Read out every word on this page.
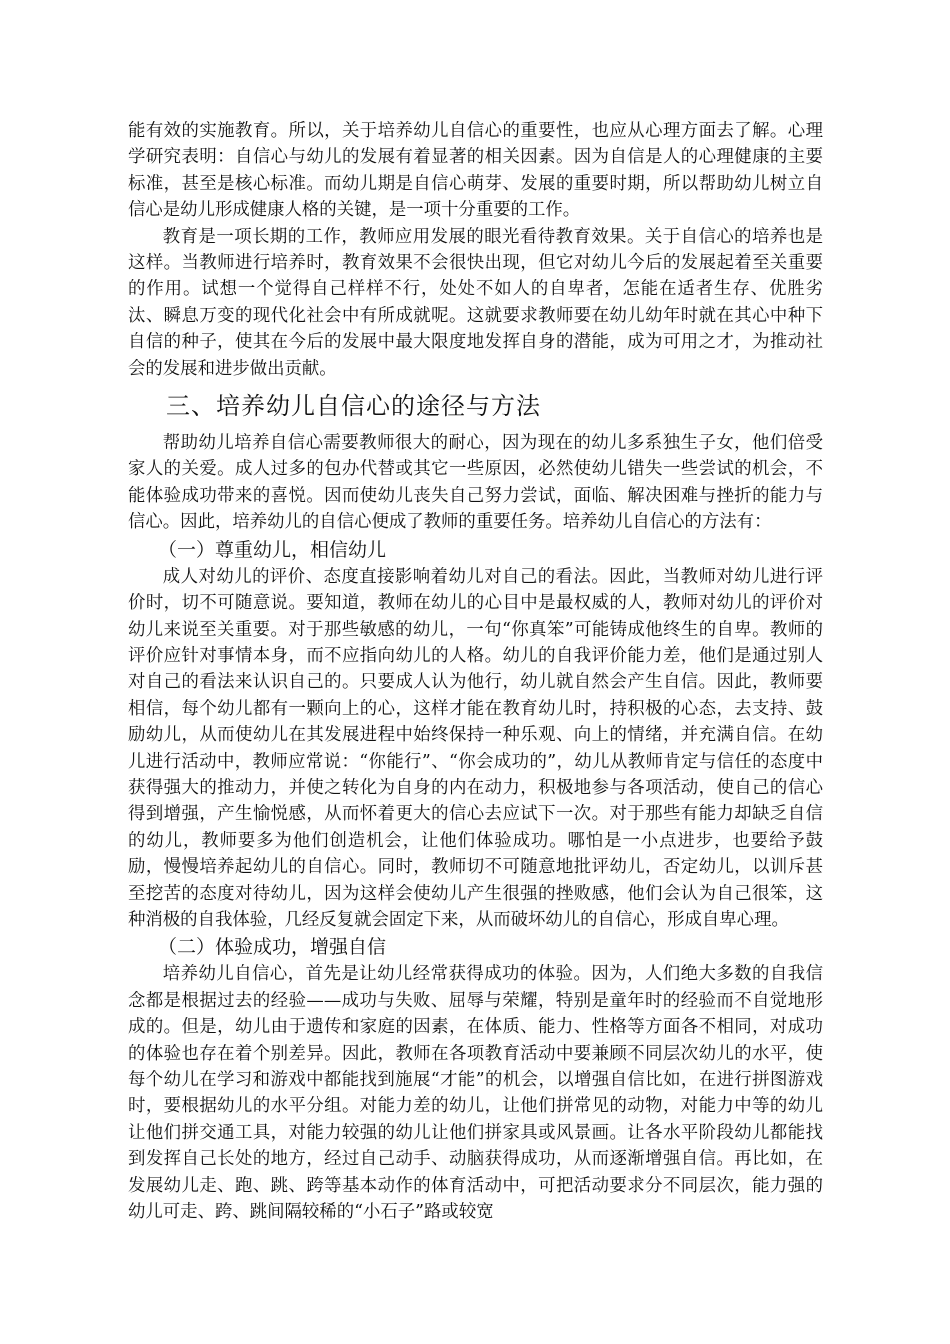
能有效的实施教育。所以，关于培养幼儿自信心的重要性，也应从心理方面去了解。心理学研究表明：自信心与幼儿的发展有着显著的相关因素。因为自信是人的心理健康的主要标准，甚至是核心标准。而幼儿期是自信心萌芽、发展的重要时期，所以帮助幼儿树立自信心是幼儿形成健康人格的关键，是一项十分重要的工作。

教育是一项长期的工作，教师应用发展的眼光看待教育效果。关于自信心的培养也是这样。当教师进行培养时，教育效果不会很快出现，但它对幼儿今后的发展起着至关重要的作用。试想一个觉得自己样样不行，处处不如人的自卑者，怎能在适者生存、优胜劣汰、瞬息万变的现代化社会中有所成就呢。这就要求教师要在幼儿幼年时就在其心中种下自信的种子，使其在今后的发展中最大限度地发挥自身的潜能，成为可用之才，为推动社会的发展和进步做出贡献。

三、培养幼儿自信心的途径与方法

帮助幼儿培养自信心需要教师很大的耐心，因为现在的幼儿多系独生子女，他们倍受家人的关爱。成人过多的包办代替或其它一些原因，必然使幼儿错失一些尝试的机会，不能体验成功带来的喜悦。因而使幼儿丧失自己努力尝试，面临、解决困难与挫折的能力与信心。因此，培养幼儿的自信心便成了教师的重要任务。培养幼儿自信心的方法有：

（一）尊重幼儿，相信幼儿

成人对幼儿的评价、态度直接影响着幼儿对自己的看法。因此，当教师对幼儿进行评价时，切不可随意说。要知道，教师在幼儿的心目中是最权威的人，教师对幼儿的评价对幼儿来说至关重要。对于那些敏感的幼儿，一句“你真笨”可能铸成他终生的自卑。教师的评价应针对事情本身，而不应指向幼儿的人格。幼儿的自我评价能力差，他们是通过别人对自己的看法来认识自己的。只要成人认为他行，幼儿就自然会产生自信。因此，教师要相信，每个幼儿都有一颗向上的心，这样才能在教育幼儿时，持积极的心态，去支持、鼓励幼儿，从而使幼儿在其发展进程中始终保持一种乐观、向上的情绪，并充满自信。在幼儿进行活动中，教师应常说：“你能行”、“你会成功的”，幼儿从教师肯定与信任的态度中获得强大的推动力，并使之转化为自身的内在动力，积极地参与各项活动，使自己的信心得到增强，产生愉悦感，从而怀着更大的信心去应试下一次。对于那些有能力却缺乏自信的幼儿，教师要多为他们创造机会，让他们体验成功。哪怕是一小点进步，也要给予鼓励，慢慢培养起幼儿的自信心。同时，教师切不可随意地批评幼儿，否定幼儿，以训斥甚至挖苦的态度对待幼儿，因为这样会使幼儿产生很强的挫败感，他们会认为自己很笨，这种消极的自我体验，几经反复就会固定下来，从而破坏幼儿的自信心，形成自卑心理。

（二）体验成功，增强自信

培养幼儿自信心，首先是让幼儿经常获得成功的体验。因为，人们绝大多数的自我信念都是根据过去的经验——成功与失败、屈辱与荣耀，特别是童年时的经验而不自觉地形成的。但是，幼儿由于遗传和家庭的因素，在体质、能力、性格等方面各不相同，对成功的体验也存在着个别差异。因此，教师在各项教育活动中要兼顾不同层次幼儿的水平，使每个幼儿在学习和游戏中都能找到施展“才能”的机会，以增强自信比如，在进行拼图游戏时，要根据幼儿的水平分组。对能力差的幼儿，让他们拼常见的动物，对能力中等的幼儿让他们拼交通工具，对能力较强的幼儿让他们拼家具或风景画。让各水平阶段幼儿都能找到发挥自己长处的地方，经过自己动手、动脑获得成功，从而逐渐增强自信。再比如，在发展幼儿走、跑、跳、跨等基本动作的体育活动中，可把活动要求分不同层次，能力强的幼儿可走、跨、跳间隔较稀的“小石子”路或较宽
